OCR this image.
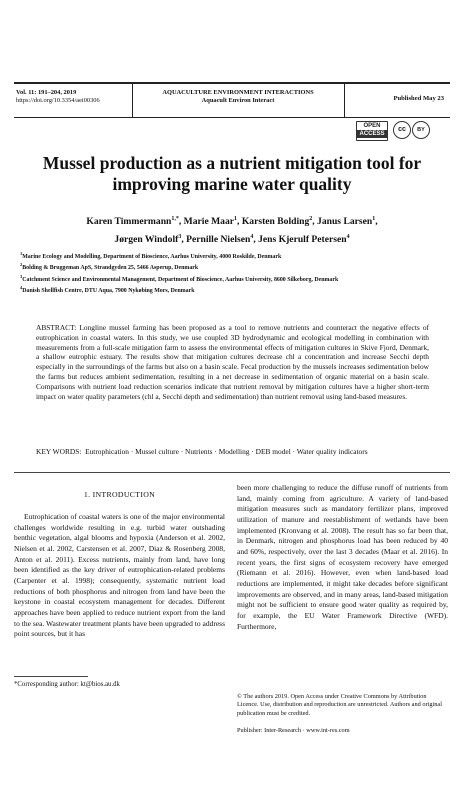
Vol. 11: 191–204, 2019
https://doi.org/10.3354/aei00306
AQUACULTURE ENVIRONMENT INTERACTIONS
Aquacult Environ Interact	Published May 23
OPEN
ACCESS
cc	BY
Mussel production as a nutrient mitigation tool for improving marine water quality
Karen Timmermann$^{1,*}$, Marie Maar$^1$, Karsten Bolding$^2$, Janus Larsen$^1$,
Jørgen Windolf$^3$, Pernille Nielsen$^4$, Jens Kjerulf Petersen$^4$
$^1$Marine Ecology and Modelling, Department of Bioscience, Aarhus University, 4000 Roskilde, Denmark
$^2$Bolding & Bruggeman ApS, Strandgyden 25, 5466 Asperup, Denmark
$^3$Catchment Science and Environmental Management, Department of Bioscience, Aarhus University, 8600 Silkeborg, Denmark
$^4$Danish Shellfish Centre, DTU Aqua, 7900 Nykøbing Mors, Denmark
ABSTRACT: Longline mussel farming has been proposed as a tool to remove nutrients and counteract the negative effects of eutrophication in coastal waters. In this study, we use coupled 3D hydrodynamic and ecological modelling in combination with measurements from a full-scale mitigation farm to assess the environmental effects of mitigation cultures in Skive Fjord, Denmark, a shallow eutrophic estuary. The results show that mitigation cultures decrease chl a concentration and increase Secchi depth especially in the surroundings of the farms but also on a basin scale. Fecal production by the mussels increases sedimentation below the farms but reduces ambient sedimentation, resulting in a net decrease in sedimentation of organic material on a basin scale. Comparisons with nutrient load reduction scenarios indicate that nutrient removal by mitigation cultures have a higher short-term impact on water quality parameters (chl a, Secchi depth and sedimentation) than nutrient removal using land-based measures.
KEY WORDS: Eutrophication · Mussel culture · Nutrients · Modelling · DEB model · Water quality indicators
1. INTRODUCTION

Eutrophication of coastal waters is one of the major environmental challenges worldwide resulting in e.g. turbid water outshading benthic vegetation, algal blooms and hypoxia (Anderson et al. 2002, Nielsen et al. 2002, Carstensen et al. 2007, Diaz & Rosenberg 2008, Anton et al. 2011). Excess nutrients, mainly from land, have long been identified as the key driver of eutrophication-related problems (Carpenter et al. 1998); consequently, systematic nutrient load reductions of both phosphorus and nitrogen from land have been the keystone in coastal ecosystem management for decades. Different approaches have been applied to reduce nutrient export from the land to the sea. Wastewater treatment plants have been upgraded to address point sources, but it has

been more challenging to reduce the diffuse runoff of nutrients from land, mainly coming from agriculture. A variety of land-based mitigation measures such as mandatory fertilizer plans, improved utilization of manure and reestablishment of wetlands have been implemented (Kronvang et al. 2008). The result has so far been that, in Denmark, nitrogen and phosphorus load has been reduced by 40 and 60%, respectively, over the last 3 decades (Maar et al. 2016). In recent years, the first signs of ecosystem recovery have emerged (Riemann et al. 2016). However, even when land-based load reductions are implemented, it might take decades before significant improvements are observed, and in many areas, land-based mitigation might not be sufficient to ensure good water quality as required by, for example, the EU Water Framework Directive (WFD). Furthermore,

*Corresponding author: kt@bios.au.dk
© The authors 2019. Open Access under Creative Commons by Attribution Licence. Use, distribution and reproduction are unrestricted. Authors and original publication must be credited.
Publisher: Inter-Research · www.int-res.com
